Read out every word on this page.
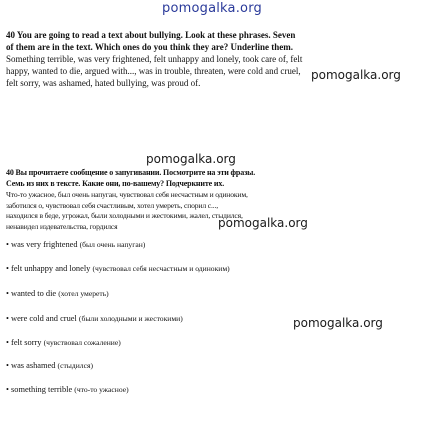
pomogalka.org
pomogalka.org
pomogalka.org
pomogalka.org
pomogalka.org
40 You are going to read a text about bullying. Look at these phrases. Seven
of them are in the text. Which ones do you think they are? Underline them.
Something terrible, was very frightened, felt unhappy and lonely, took care of, felt
happy, wanted to die, argued with..., was in trouble, threaten, were cold and cruel,
felt sorry, was ashamed, hated bullying, was proud of.
40 Вы прочитаете сообщение о запугивании. Посмотрите на эти фразы.
Семь из них в тексте. Какие они, по-вашему? Подчеркните их.
Что-то ужасное, был очень напуган, чувствовал себя несчастным и одиноким,
заботился о, чувствовал себя счастливым, хотел умереть, спорил с...,
находился в беде, угрожал, были холодными и жестокими, жалел, стыдился,
ненавидел издевательства, гордился
• was very frightened (был очень напуган)
• felt unhappy and lonely (чувствовал себя несчастным и одиноким)
• wanted to die (хотел умереть)
• were cold and cruel (были холодными и жестокими)
• felt sorry (чувствовал сожаление)
• was ashamed (стыдился)
• something terrible (что-то ужасное)
